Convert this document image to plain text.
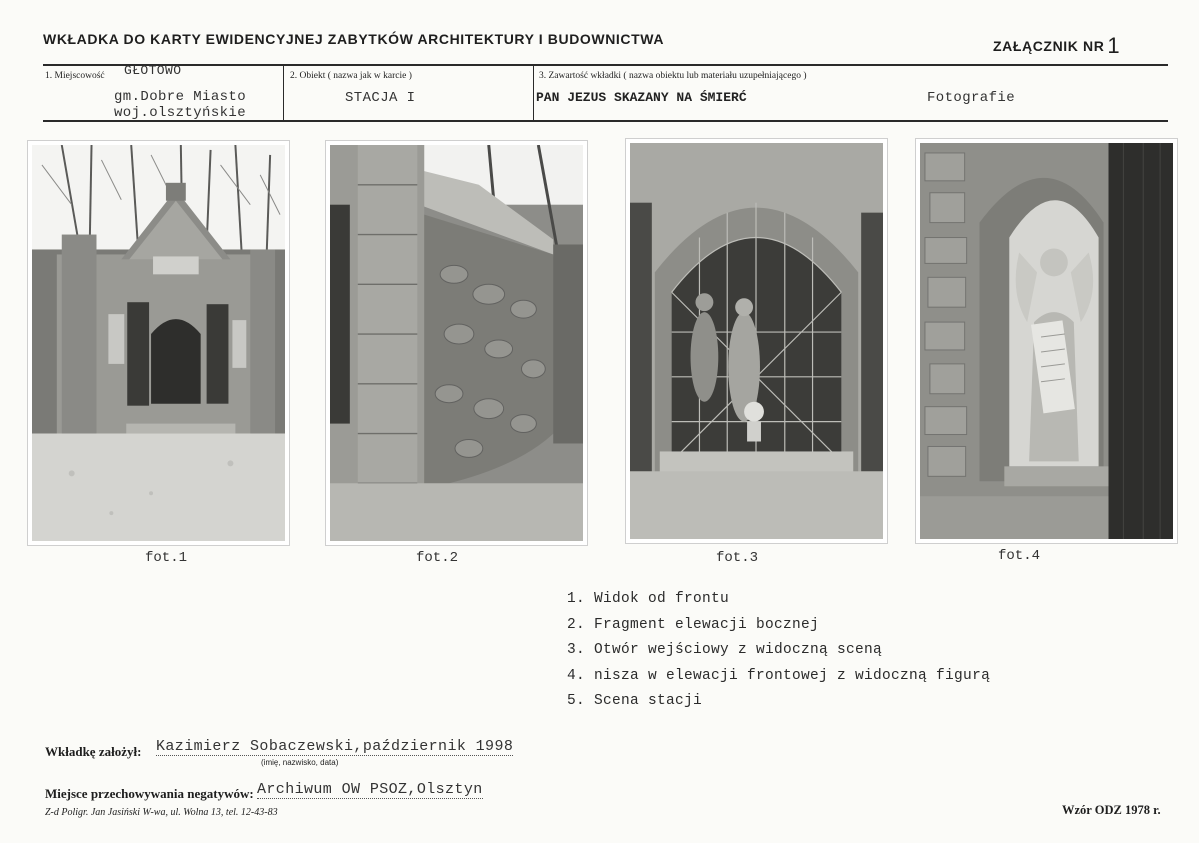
WKŁADKA DO KARTY EWIDENCYJNEJ ZABYTKÓW ARCHITEKTURY I BUDOWNICTWA	ZAŁĄCZNIK NR 1
1. Miejscowość GŁOTOWO
gm.Dobre Miasto
woj.olsztyńskie
2. Obiekt ( nazwa jak w karcie )
STACJA I
3. Zawartość wkładki ( nazwa obiektu lub materiału uzupełniającego )
PAN JEZUS SKAZANY NA ŚMIERĆ	Fotografie
fot.1	fot.2	fot.3	fot.4
1. Widok od frontu
2. Fragment elewacji bocznej
3. Otwór wejściowy z widoczną sceną
4. nisza w elewacji frontowej z widoczną figurą
5. Scena stacji
Wkładkę założył: Kazimierz Sobaczewski,październik 1998
(imię, nazwisko, data)
Miejsce przechowywania negatywów: Archiwum OW PSOZ,Olsztyn
Z-d Poligr. Jan Jasiński W-wa, ul. Wolna 13, tel. 12-43-83	Wzór ODZ 1978 r.
